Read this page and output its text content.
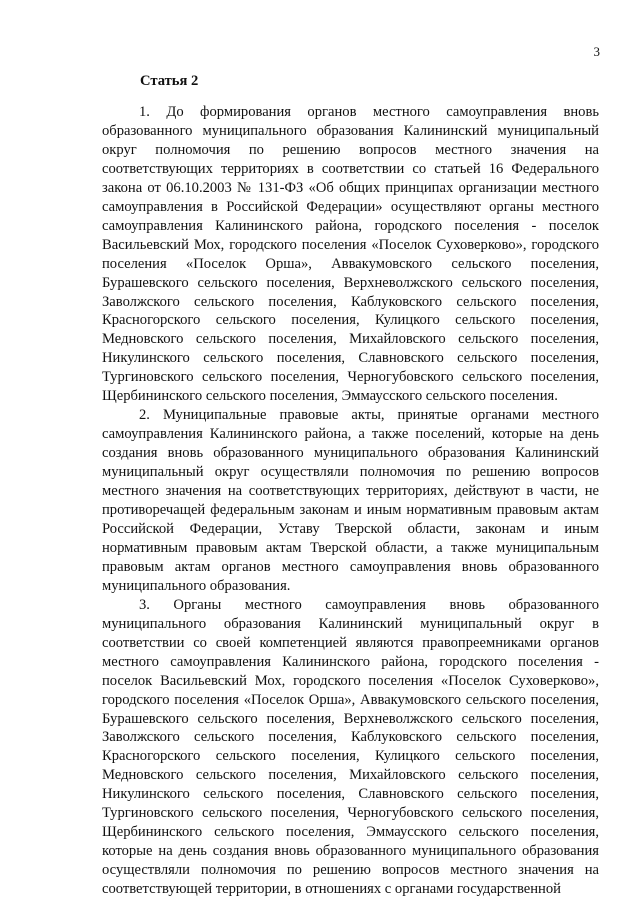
3
Статья 2

1. До формирования органов местного самоуправления вновь образованного муниципального образования Калининский муниципальный округ полномочия по решению вопросов местного значения на соответствующих территориях в соответствии со статьей 16 Федерального закона от 06.10.2003 № 131-ФЗ «Об общих принципах организации местного самоуправления в Российской Федерации» осуществляют органы местного самоуправления Калининского района, городского поселения - поселок Васильевский Мох, городского поселения «Поселок Суховерково», городского поселения «Поселок Орша», Аввакумовского сельского поселения, Бурашевского сельского поселения, Верхневолжского сельского поселения, Заволжского сельского поселения, Каблуковского сельского поселения, Красногорского сельского поселения, Кулицкого сельского поселения, Медновского сельского поселения, Михайловского сельского поселения, Никулинского сельского поселения, Славновского сельского поселения, Тургиновского сельского поселения, Черногубовского сельского поселения, Щербининского сельского поселения, Эммаусского сельского поселения.

2. Муниципальные правовые акты, принятые органами местного самоуправления Калининского района, а также поселений, которые на день создания вновь образованного муниципального образования Калининский муниципальный округ осуществляли полномочия по решению вопросов местного значения на соответствующих территориях, действуют в части, не противоречащей федеральным законам и иным нормативным правовым актам Российской Федерации, Уставу Тверской области, законам и иным нормативным правовым актам Тверской области, а также муниципальным правовым актам органов местного самоуправления вновь образованного муниципального образования.

3. Органы местного самоуправления вновь образованного муниципального образования Калининский муниципальный округ в соответствии со своей компетенцией являются правопреемниками органов местного самоуправления Калининского района, городского поселения - поселок Васильевский Мох, городского поселения «Поселок Суховерково», городского поселения «Поселок Орша», Аввакумовского сельского поселения, Бурашевского сельского поселения, Верхневолжского сельского поселения, Заволжского сельского поселения, Каблуковского сельского поселения, Красногорского сельского поселения, Кулицкого сельского поселения, Медновского сельского поселения, Михайловского сельского поселения, Никулинского сельского поселения, Славновского сельского поселения, Тургиновского сельского поселения, Черногубовского сельского поселения, Щербининского сельского поселения, Эммаусского сельского поселения, которые на день создания вновь образованного муниципального образования осуществляли полномочия по решению вопросов местного значения на соответствующей территории, в отношениях с органами государственной
